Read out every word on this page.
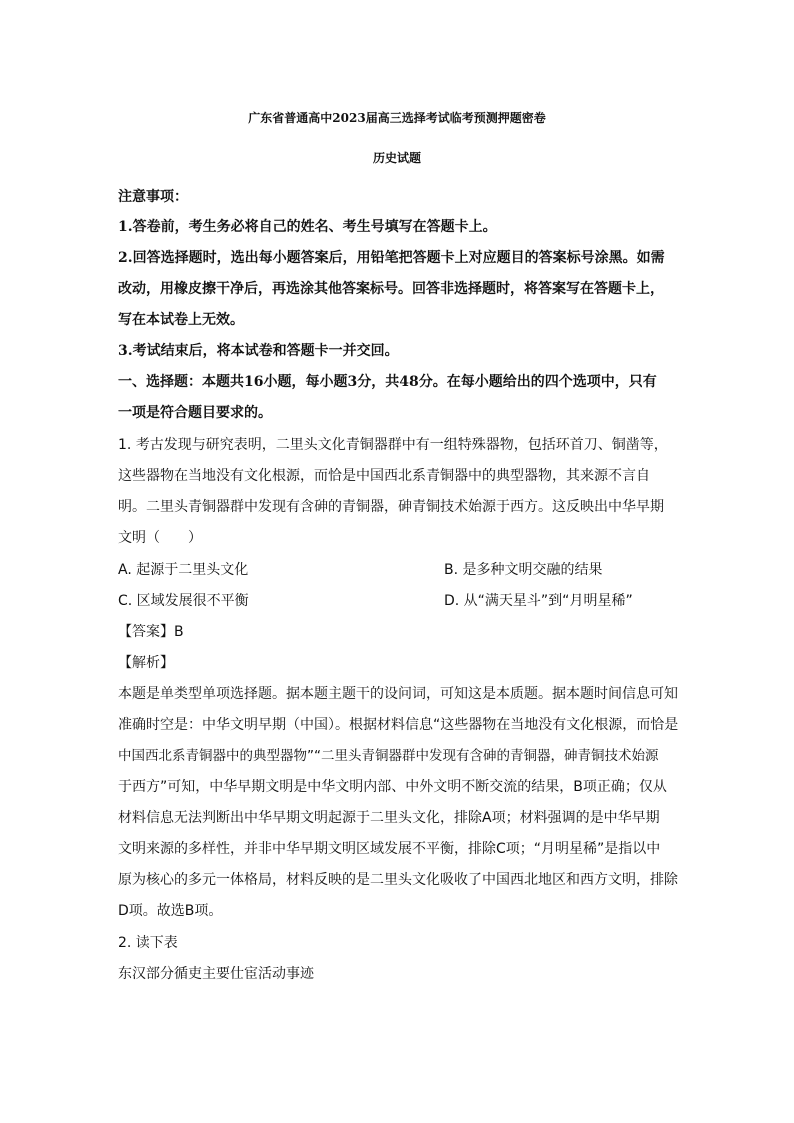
广东省普通高中2023届高三选择考试临考预测押题密卷
历史试题
注意事项：
1.答卷前，考生务必将自己的姓名、考生号填写在答题卡上。
2.回答选择题时，选出每小题答案后，用铅笔把答题卡上对应题目的答案标号涂黑。如需
改动，用橡皮擦干净后，再选涂其他答案标号。回答非选择题时，将答案写在答题卡上，
写在本试卷上无效。
3.考试结束后，将本试卷和答题卡一并交回。
一、选择题：本题共16小题，每小题3分，共48分。在每小题给出的四个选项中，只有
一项是符合题目要求的。
1. 考古发现与研究表明，二里头文化青铜器群中有一组特殊器物，包括环首刀、铜凿等，
这些器物在当地没有文化根源，而恰是中国西北系青铜器中的典型器物，其来源不言自
明。二里头青铜器群中发现有含砷的青铜器，砷青铜技术始源于西方。这反映出中华早期
文明（　　）
A. 起源于二里头文化	B. 是多种文明交融的结果
C. 区域发展很不平衡	D. 从“满天星斗”到“月明星稀”
【答案】B
【解析】
本题是单类型单项选择题。据本题主题干的设问词，可知这是本质题。据本题时间信息可知
准确时空是：中华文明早期（中国）。根据材料信息“这些器物在当地没有文化根源，而恰是
中国西北系青铜器中的典型器物”“二里头青铜器群中发现有含砷的青铜器，砷青铜技术始源
于西方”可知，中华早期文明是中华文明内部、中外文明不断交流的结果，B项正确；仅从
材料信息无法判断出中华早期文明起源于二里头文化，排除A项；材料强调的是中华早期
文明来源的多样性，并非中华早期文明区域发展不平衡，排除C项；“月明星稀”是指以中
原为核心的多元一体格局，材料反映的是二里头文化吸收了中国西北地区和西方文明，排除
D项。故选B项。
2. 读下表
东汉部分循吏主要仕宦活动事迹
